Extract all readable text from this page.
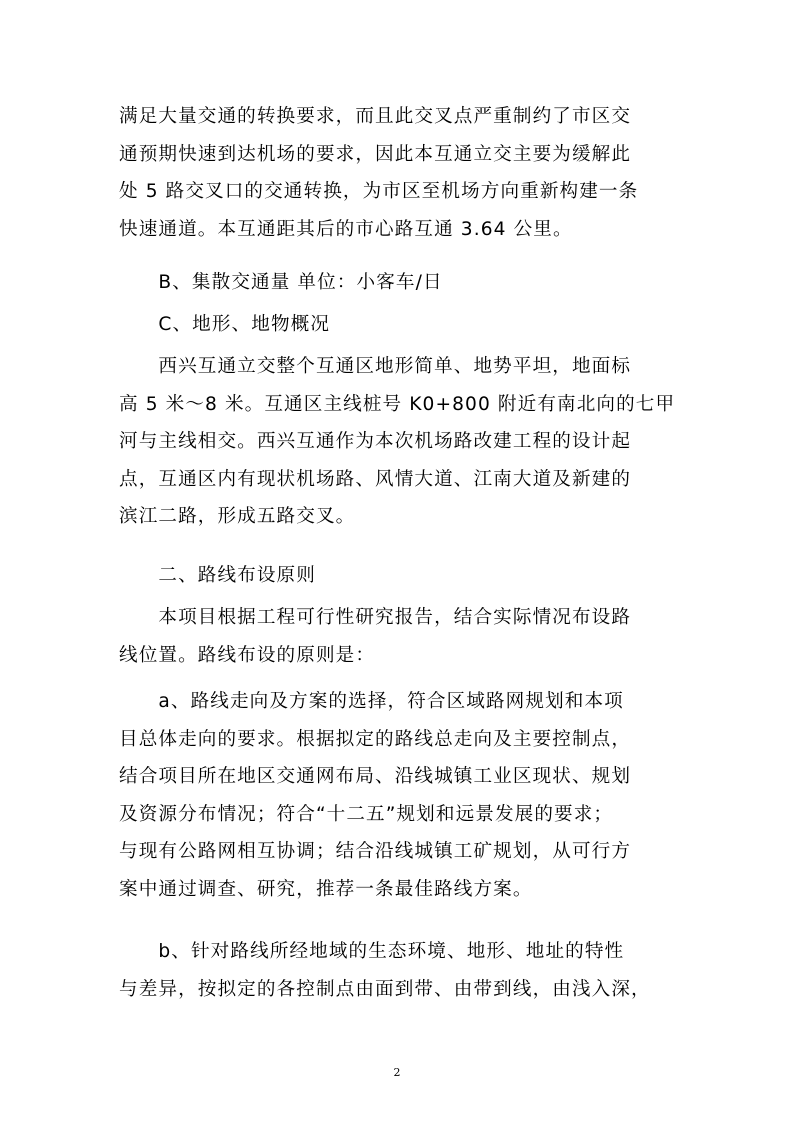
满足大量交通的转换要求，而且此交叉点严重制约了市区交
通预期快速到达机场的要求，因此本互通立交主要为缓解此
处 5 路交叉口的交通转换，为市区至机场方向重新构建一条
快速通道。本互通距其后的市心路互通 3.64 公里。

　　B、集散交通量 单位：小客车/日

　　C、地形、地物概况

　　西兴互通立交整个互通区地形简单、地势平坦，地面标
高 5 米～8 米。互通区主线桩号 K0+800 附近有南北向的七甲
河与主线相交。西兴互通作为本次机场路改建工程的设计起
点，互通区内有现状机场路、风情大道、江南大道及新建的
滨江二路，形成五路交叉。

　　二、路线布设原则

　　本项目根据工程可行性研究报告，结合实际情况布设路
线位置。路线布设的原则是：

　　a、路线走向及方案的选择，符合区域路网规划和本项
目总体走向的要求。根据拟定的路线总走向及主要控制点，
结合项目所在地区交通网布局、沿线城镇工业区现状、规划
及资源分布情况；符合“十二五”规划和远景发展的要求；
与现有公路网相互协调；结合沿线城镇工矿规划，从可行方
案中通过调查、研究，推荐一条最佳路线方案。

　　b、针对路线所经地域的生态环境、地形、地址的特性
与差异，按拟定的各控制点由面到带、由带到线，由浅入深，

2
